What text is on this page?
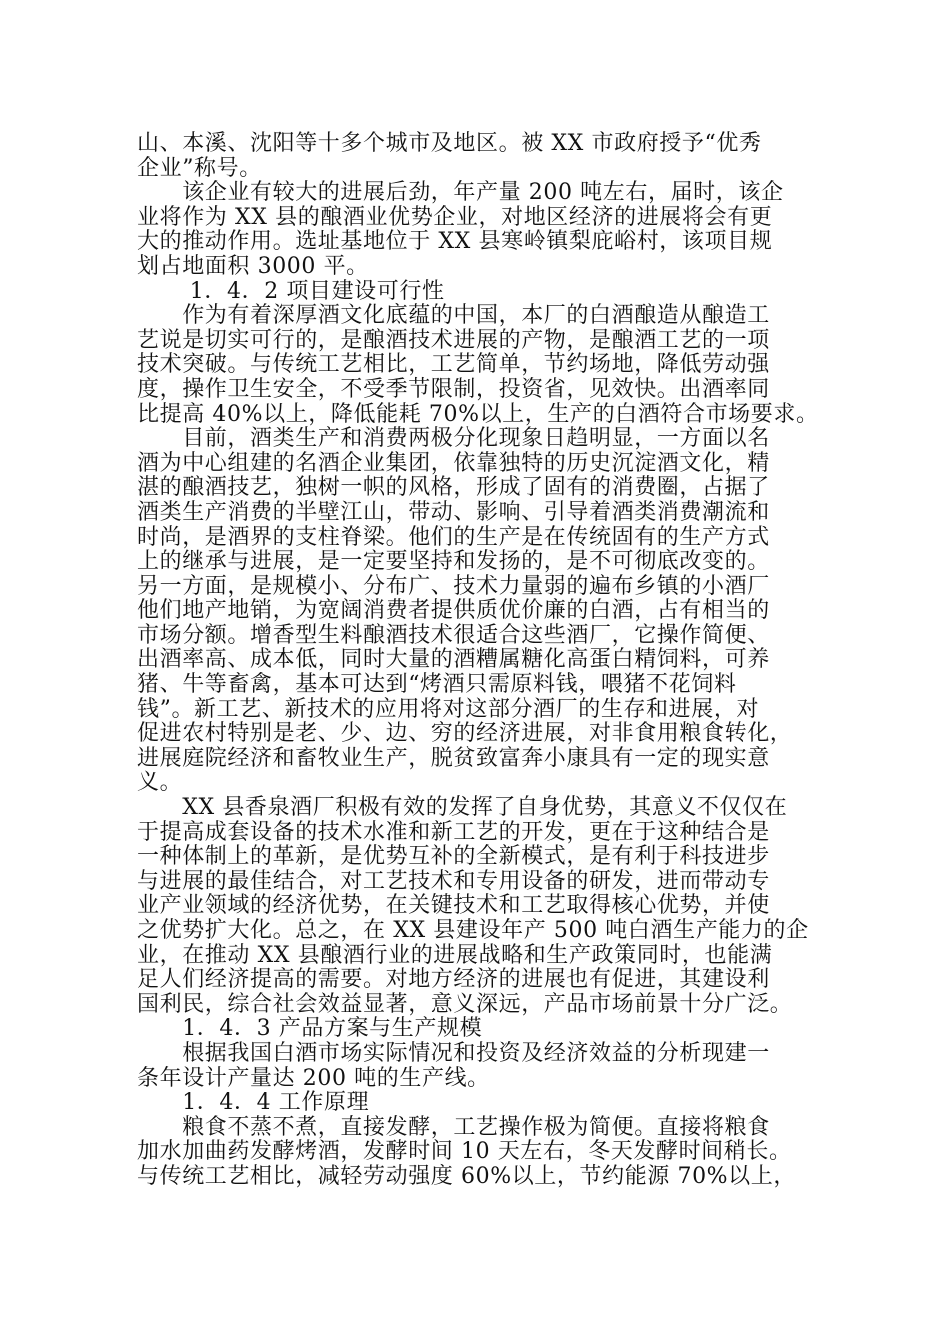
山、本溪、沈阳等十多个城市及地区。被 XX 市政府授予“优秀
企业”称号。
　　该企业有较大的进展后劲，年产量 200 吨左右，届时，该企
业将作为 XX 县的酿酒业优势企业，对地区经济的进展将会有更
大的推动作用。选址基地位于 XX 县寒岭镇梨庇峪村，该项目规
划占地面积 3000 平。
　　 1．4．2 项目建设可行性
　　作为有着深厚酒文化底蕴的中国，本厂的白酒酿造从酿造工
艺说是切实可行的，是酿酒技术进展的产物，是酿酒工艺的一项
技术突破。与传统工艺相比，工艺简单，节约场地，降低劳动强
度，操作卫生安全，不受季节限制，投资省，见效快。出酒率同
比提高 40%以上，降低能耗 70%以上，生产的白酒符合市场要求。
　　目前，酒类生产和消费两极分化现象日趋明显，一方面以名
酒为中心组建的名酒企业集团，依靠独特的历史沉淀酒文化，精
湛的酿酒技艺，独树一帜的风格，形成了固有的消费圈，占据了
酒类生产消费的半壁江山，带动、影响、引导着酒类消费潮流和
时尚，是酒界的支柱脊梁。他们的生产是在传统固有的生产方式
上的继承与进展，是一定要坚持和发扬的，是不可彻底改变的。
另一方面，是规模小、分布广、技术力量弱的遍布乡镇的小酒厂
他们地产地销，为宽阔消费者提供质优价廉的白酒，占有相当的
市场分额。增香型生料酿酒技术很适合这些酒厂，它操作简便、
出酒率高、成本低，同时大量的酒糟属糖化高蛋白精饲料，可养
猪、牛等畜禽，基本可达到“烤酒只需原料钱，喂猪不花饲料
钱”。新工艺、新技术的应用将对这部分酒厂的生存和进展，对
促进农村特别是老、少、边、穷的经济进展，对非食用粮食转化，
进展庭院经济和畜牧业生产，脱贫致富奔小康具有一定的现实意
义。
　　XX 县香泉酒厂积极有效的发挥了自身优势，其意义不仅仅在
于提高成套设备的技术水准和新工艺的开发，更在于这种结合是
一种体制上的革新，是优势互补的全新模式，是有利于科技进步
与进展的最佳结合，对工艺技术和专用设备的研发，进而带动专
业产业领域的经济优势，在关键技术和工艺取得核心优势，并使
之优势扩大化。总之，在 XX 县建设年产 500 吨白酒生产能力的企
业，在推动 XX 县酿酒行业的进展战略和生产政策同时，也能满
足人们经济提高的需要。对地方经济的进展也有促进，其建设利
国利民，综合社会效益显著，意义深远，产品市场前景十分广泛。
　　1．4．3 产品方案与生产规模
　　根据我国白酒市场实际情况和投资及经济效益的分析现建一
条年设计产量达 200 吨的生产线。
　　1．4．4 工作原理
　　粮食不蒸不煮，直接发酵，工艺操作极为简便。直接将粮食
加水加曲药发酵烤酒，发酵时间 10 天左右，冬天发酵时间稍长。
与传统工艺相比，减轻劳动强度 60%以上，节约能源 70%以上，
